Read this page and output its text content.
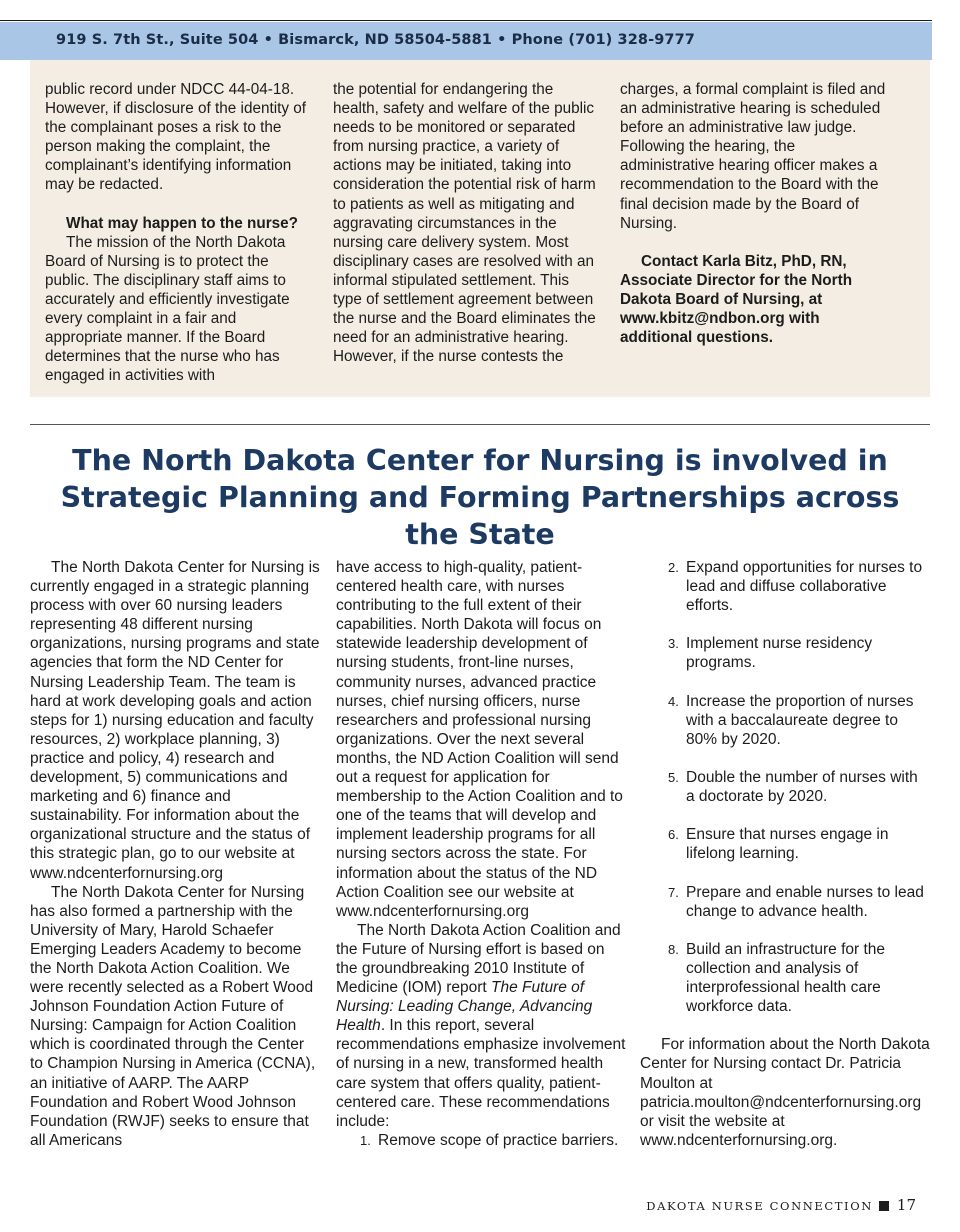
919 S. 7th St., Suite 504 • Bismarck, ND 58504-5881 • Phone (701) 328-9777

public record under NDCC 44-04-18. However, if disclosure of the identity of the complainant poses a risk to the person making the complaint, the complainant’s identifying information may be redacted.

What may happen to the nurse?

The mission of the North Dakota Board of Nursing is to protect the public. The disciplinary staff aims to accurately and efficiently investigate every complaint in a fair and appropriate manner. If the Board determines that the nurse who has engaged in activities with

the potential for endangering the health, safety and welfare of the public needs to be monitored or separated from nursing practice, a variety of actions may be initiated, taking into consideration the potential risk of harm to patients as well as mitigating and aggravating circumstances in the nursing care delivery system. Most disciplinary cases are resolved with an informal stipulated settlement. This type of settlement agreement between the nurse and the Board eliminates the need for an administrative hearing. However, if the nurse contests the

charges, a formal complaint is filed and an administrative hearing is scheduled before an administrative law judge. Following the hearing, the administrative hearing officer makes a recommendation to the Board with the final decision made by the Board of Nursing.

Contact Karla Bitz, PhD, RN, Associate Director for the North Dakota Board of Nursing, at www.kbitz@ndbon.org with additional questions.

The North Dakota Center for Nursing is involved in Strategic Planning and Forming Partnerships across the State

The North Dakota Center for Nursing is currently engaged in a strategic planning process with over 60 nursing leaders representing 48 different nursing organizations, nursing programs and state agencies that form the ND Center for Nursing Leadership Team. The team is hard at work developing goals and action steps for 1) nursing education and faculty resources, 2) workplace planning, 3) practice and policy, 4) research and development, 5) communications and marketing and 6) finance and sustainability. For information about the organizational structure and the status of this strategic plan, go to our website at www.ndcenterfornursing.org

The North Dakota Center for Nursing has also formed a partnership with the University of Mary, Harold Schaefer Emerging Leaders Academy to become the North Dakota Action Coalition. We were recently selected as a Robert Wood Johnson Foundation Action Future of Nursing: Campaign for Action Coalition which is coordinated through the Center to Champion Nursing in America (CCNA), an initiative of AARP. The AARP Foundation and Robert Wood Johnson Foundation (RWJF) seeks to ensure that all Americans

have access to high-quality, patient-centered health care, with nurses contributing to the full extent of their capabilities. North Dakota will focus on statewide leadership development of nursing students, front-line nurses, community nurses, advanced practice nurses, chief nursing officers, nurse researchers and professional nursing organizations. Over the next several months, the ND Action Coalition will send out a request for application for membership to the Action Coalition and to one of the teams that will develop and implement leadership programs for all nursing sectors across the state. For information about the status of the ND Action Coalition see our website at www.ndcenterfornursing.org

The North Dakota Action Coalition and the Future of Nursing effort is based on the groundbreaking 2010 Institute of Medicine (IOM) report The Future of Nursing: Leading Change, Advancing Health. In this report, several recommendations emphasize involvement of nursing in a new, transformed health care system that offers quality, patient-centered care. These recommendations include:

1. Remove scope of practice barriers.

2. Expand opportunities for nurses to lead and diffuse collaborative efforts.
3. Implement nurse residency programs.
4. Increase the proportion of nurses with a baccalaureate degree to 80% by 2020.
5. Double the number of nurses with a doctorate by 2020.
6. Ensure that nurses engage in lifelong learning.
7. Prepare and enable nurses to lead change to advance health.
8. Build an infrastructure for the collection and analysis of interprofessional health care workforce data.

For information about the North Dakota Center for Nursing contact Dr. Patricia Moulton at patricia.moulton@ndcenterfornursing.org or visit the website at www.ndcenterfornursing.org.

DAKOTA NURSE CONNECTION 17
